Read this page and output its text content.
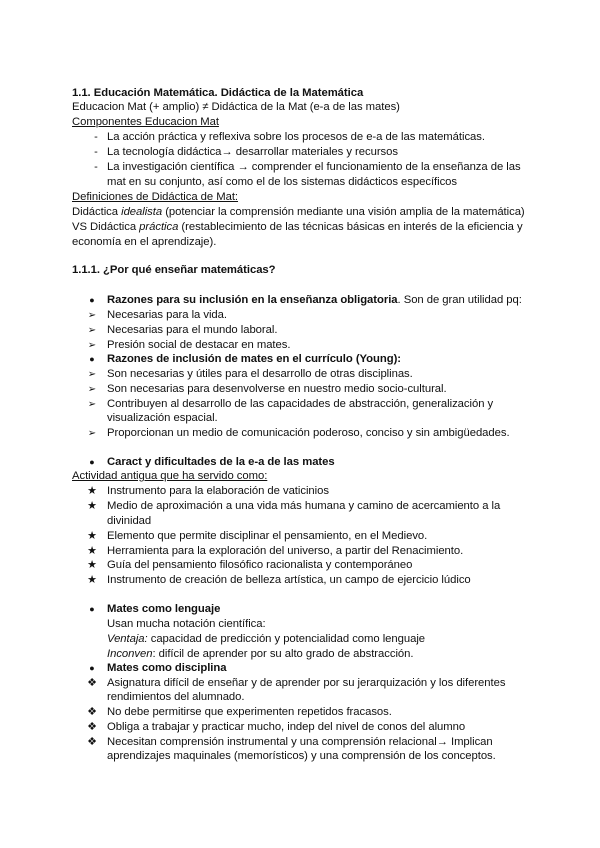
1.1. Educación Matemática. Didáctica de la Matemática
Educacion Mat (+ amplio) ≠ Didáctica de la Mat (e-a de las mates)
Componentes Educacion Mat
- La acción práctica y reflexiva sobre los procesos de e-a de las matemáticas.
- La tecnología didáctica→ desarrollar materiales y recursos
- La investigación científica → comprender el funcionamiento de la enseñanza de las
mat en su conjunto, así como el de los sistemas didácticos específicos
Definiciones de Didáctica de Mat:
Didáctica idealista (potenciar la comprensión mediante una visión amplia de la matemática)
VS Didáctica práctica (restablecimiento de las técnicas básicas en interés de la eficiencia y
economía en el aprendizaje).
1.1.1. ¿Por qué enseñar matemáticas?
● Razones para su inclusión en la enseñanza obligatoria. Son de gran utilidad pq:
➢ Necesarias para la vida.
➢ Necesarias para el mundo laboral.
➢ Presión social de destacar en mates.
● Razones de inclusión de mates en el currículo (Young):
➢ Son necesarias y útiles para el desarrollo de otras disciplinas.
➢ Son necesarias para desenvolverse en nuestro medio socio-cultural.
➢ Contribuyen al desarrollo de las capacidades de abstracción, generalización y
visualización espacial.
➢ Proporcionan un medio de comunicación poderoso, conciso y sin ambigüedades.
● Caract y dificultades de la e-a de las mates
Actividad antigua que ha servido como:
★ Instrumento para la elaboración de vaticinios
★ Medio de aproximación a una vida más humana y camino de acercamiento a la
divinidad
★ Elemento que permite disciplinar el pensamiento, en el Medievo.
★ Herramienta para la exploración del universo, a partir del Renacimiento.
★ Guía del pensamiento filosófico racionalista y contemporáneo
★ Instrumento de creación de belleza artística, un campo de ejercicio lúdico
● Mates como lenguaje
Usan mucha notación científica:
Ventaja: capacidad de predicción y potencialidad como lenguaje
Inconven: difícil de aprender por su alto grado de abstracción.
● Mates como disciplina
❖ Asignatura difícil de enseñar y de aprender por su jerarquización y los diferentes
rendimientos del alumnado.
❖ No debe permitirse que experimenten repetidos fracasos.
❖ Obliga a trabajar y practicar mucho, indep del nivel de conos del alumno
❖ Necesitan comprensión instrumental y una comprensión relacional→ Implican
aprendizajes maquinales (memorísticos) y una comprensión de los conceptos.
